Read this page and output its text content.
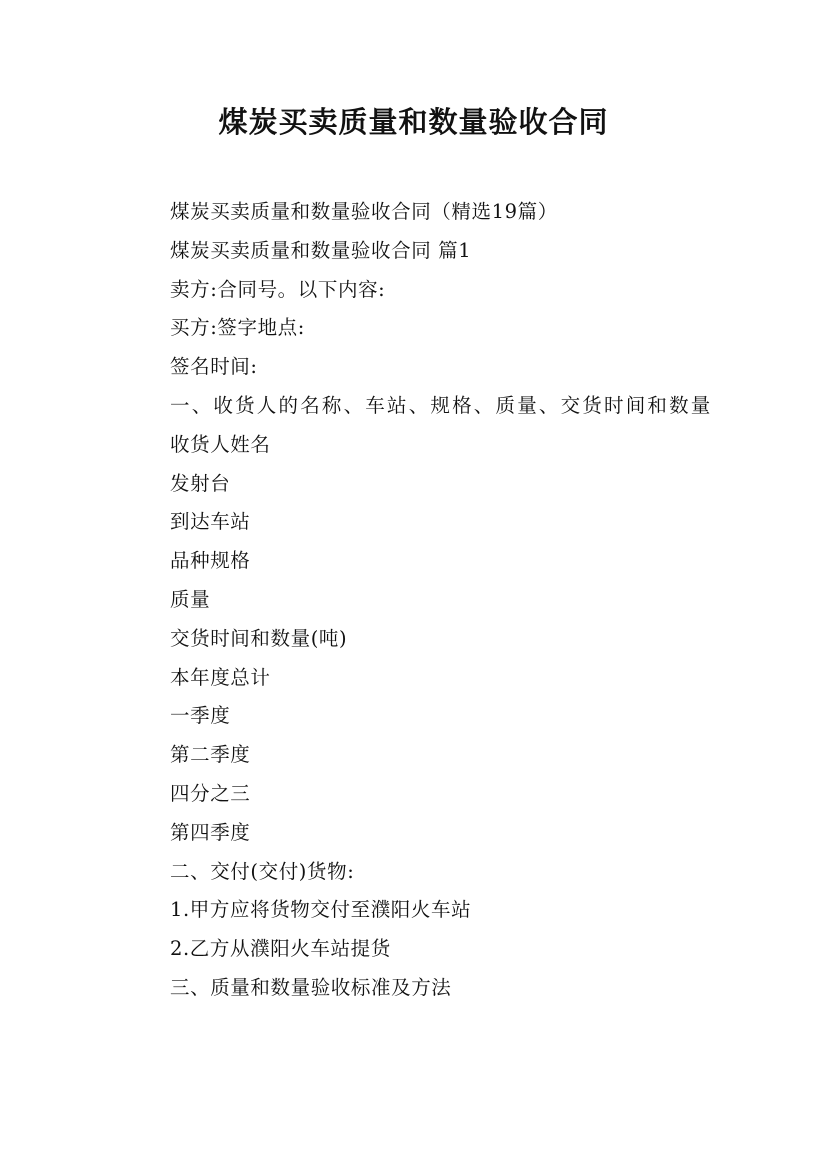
煤炭买卖质量和数量验收合同

煤炭买卖质量和数量验收合同（精选19篇）

煤炭买卖质量和数量验收合同 篇1

卖方:合同号。以下内容:

买方:签字地点:

签名时间:

一、收货人的名称、车站、规格、质量、交货时间和数量

收货人姓名

发射台

到达车站

品种规格

质量

交货时间和数量(吨)

本年度总计

一季度

第二季度

四分之三

第四季度

二、交付(交付)货物:

1.甲方应将货物交付至濮阳火车站

2.乙方从濮阳火车站提货

三、质量和数量验收标准及方法
